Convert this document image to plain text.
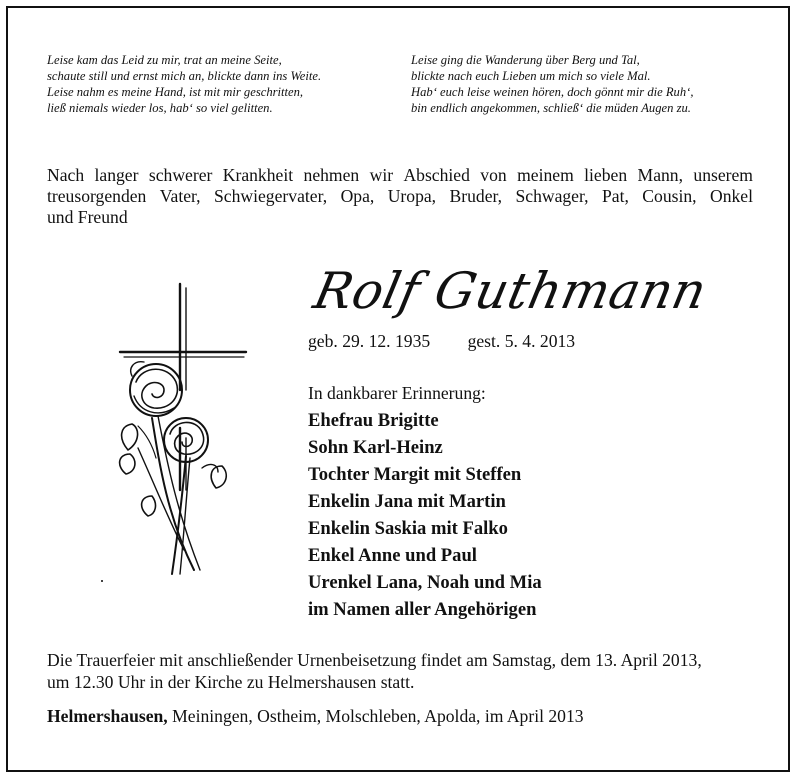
Leise kam das Leid zu mir, trat an meine Seite,
schaute still und ernst mich an, blickte dann ins Weite.
Leise nahm es meine Hand, ist mit mir geschritten,
ließ niemals wieder los, hab‘ so viel gelitten.
Leise ging die Wanderung über Berg und Tal,
blickte nach euch Lieben um mich so viele Mal.
Hab‘ euch leise weinen hören, doch gönnt mir die Ruh‘,
bin endlich angekommen, schließ‘ die müden Augen zu.
Nach langer schwerer Krankheit nehmen wir Abschied von meinem lieben Mann, unserem
treusorgenden Vater, Schwiegervater, Opa, Uropa, Bruder, Schwager, Pat, Cousin, Onkel
und Freund
Rolf Guthmann
geb. 29. 12. 1935 gest. 5. 4. 2013
In dankbarer Erinnerung:
Ehefrau Brigitte
Sohn Karl-Heinz
Tochter Margit mit Steffen
Enkelin Jana mit Martin
Enkelin Saskia mit Falko
Enkel Anne und Paul
Urenkel Lana, Noah und Mia
im Namen aller Angehörigen
Die Trauerfeier mit anschließender Urnenbeisetzung findet am Samstag, dem 13. April 2013,
um 12.30 Uhr in der Kirche zu Helmershausen statt.
Helmershausen, Meiningen, Ostheim, Molschleben, Apolda, im April 2013
